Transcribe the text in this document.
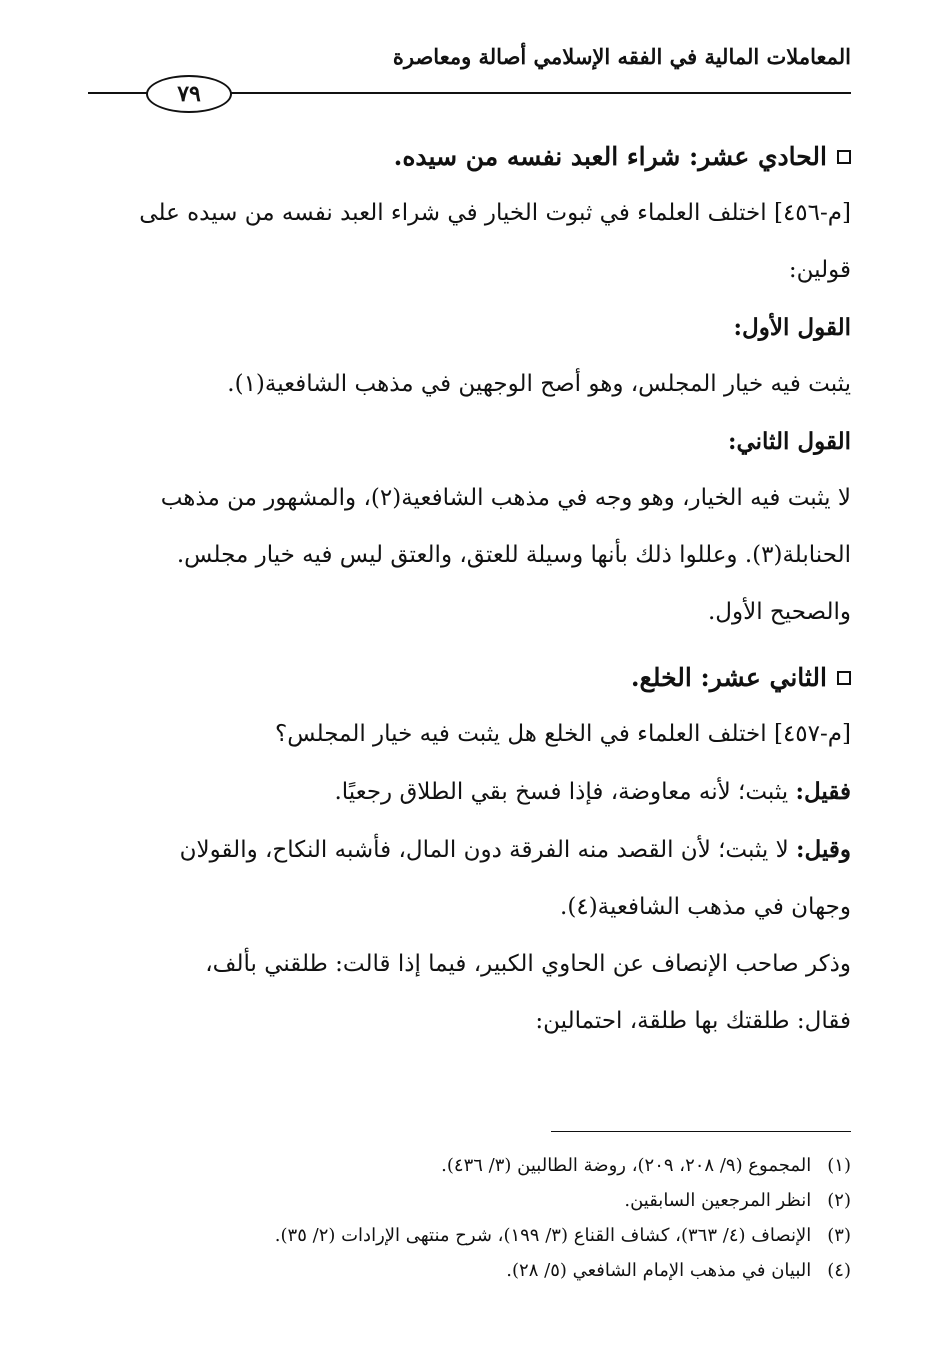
المعاملات المالية في الفقه الإسلامي أصالة ومعاصرة
٧٩
الحادي عشر: شراء العبد نفسه من سيده.

[م-٤٥٦] اختلف العلماء في ثبوت الخيار في شراء العبد نفسه من سيده على

قولين:

القول الأول:

يثبت فيه خيار المجلس، وهو أصح الوجهين في مذهب الشافعية(١).

القول الثاني:

لا يثبت فيه الخيار، وهو وجه في مذهب الشافعية(٢)، والمشهور من مذهب

الحنابلة(٣). وعللوا ذلك بأنها وسيلة للعتق، والعتق ليس فيه خيار مجلس.

والصحيح الأول.

الثاني عشر: الخلع.

[م-٤٥٧] اختلف العلماء في الخلع هل يثبت فيه خيار المجلس؟

فقيل: يثبت؛ لأنه معاوضة، فإذا فسخ بقي الطلاق رجعيًا.

وقيل: لا يثبت؛ لأن القصد منه الفرقة دون المال، فأشبه النكاح، والقولان

وجهان في مذهب الشافعية(٤).

وذكر صاحب الإنصاف عن الحاوي الكبير، فيما إذا قالت: طلقني بألف،

فقال: طلقتك بها طلقة، احتمالين:

(١) المجموع (٩/ ٢٠٨، ٢٠٩)، روضة الطالبين (٣/ ٤٣٦).

(٢) انظر المرجعين السابقين.

(٣) الإنصاف (٤/ ٣٦٣)، كشاف القناع (٣/ ١٩٩)، شرح منتهى الإرادات (٢/ ٣٥).

(٤) البيان في مذهب الإمام الشافعي (٥/ ٢٨).
